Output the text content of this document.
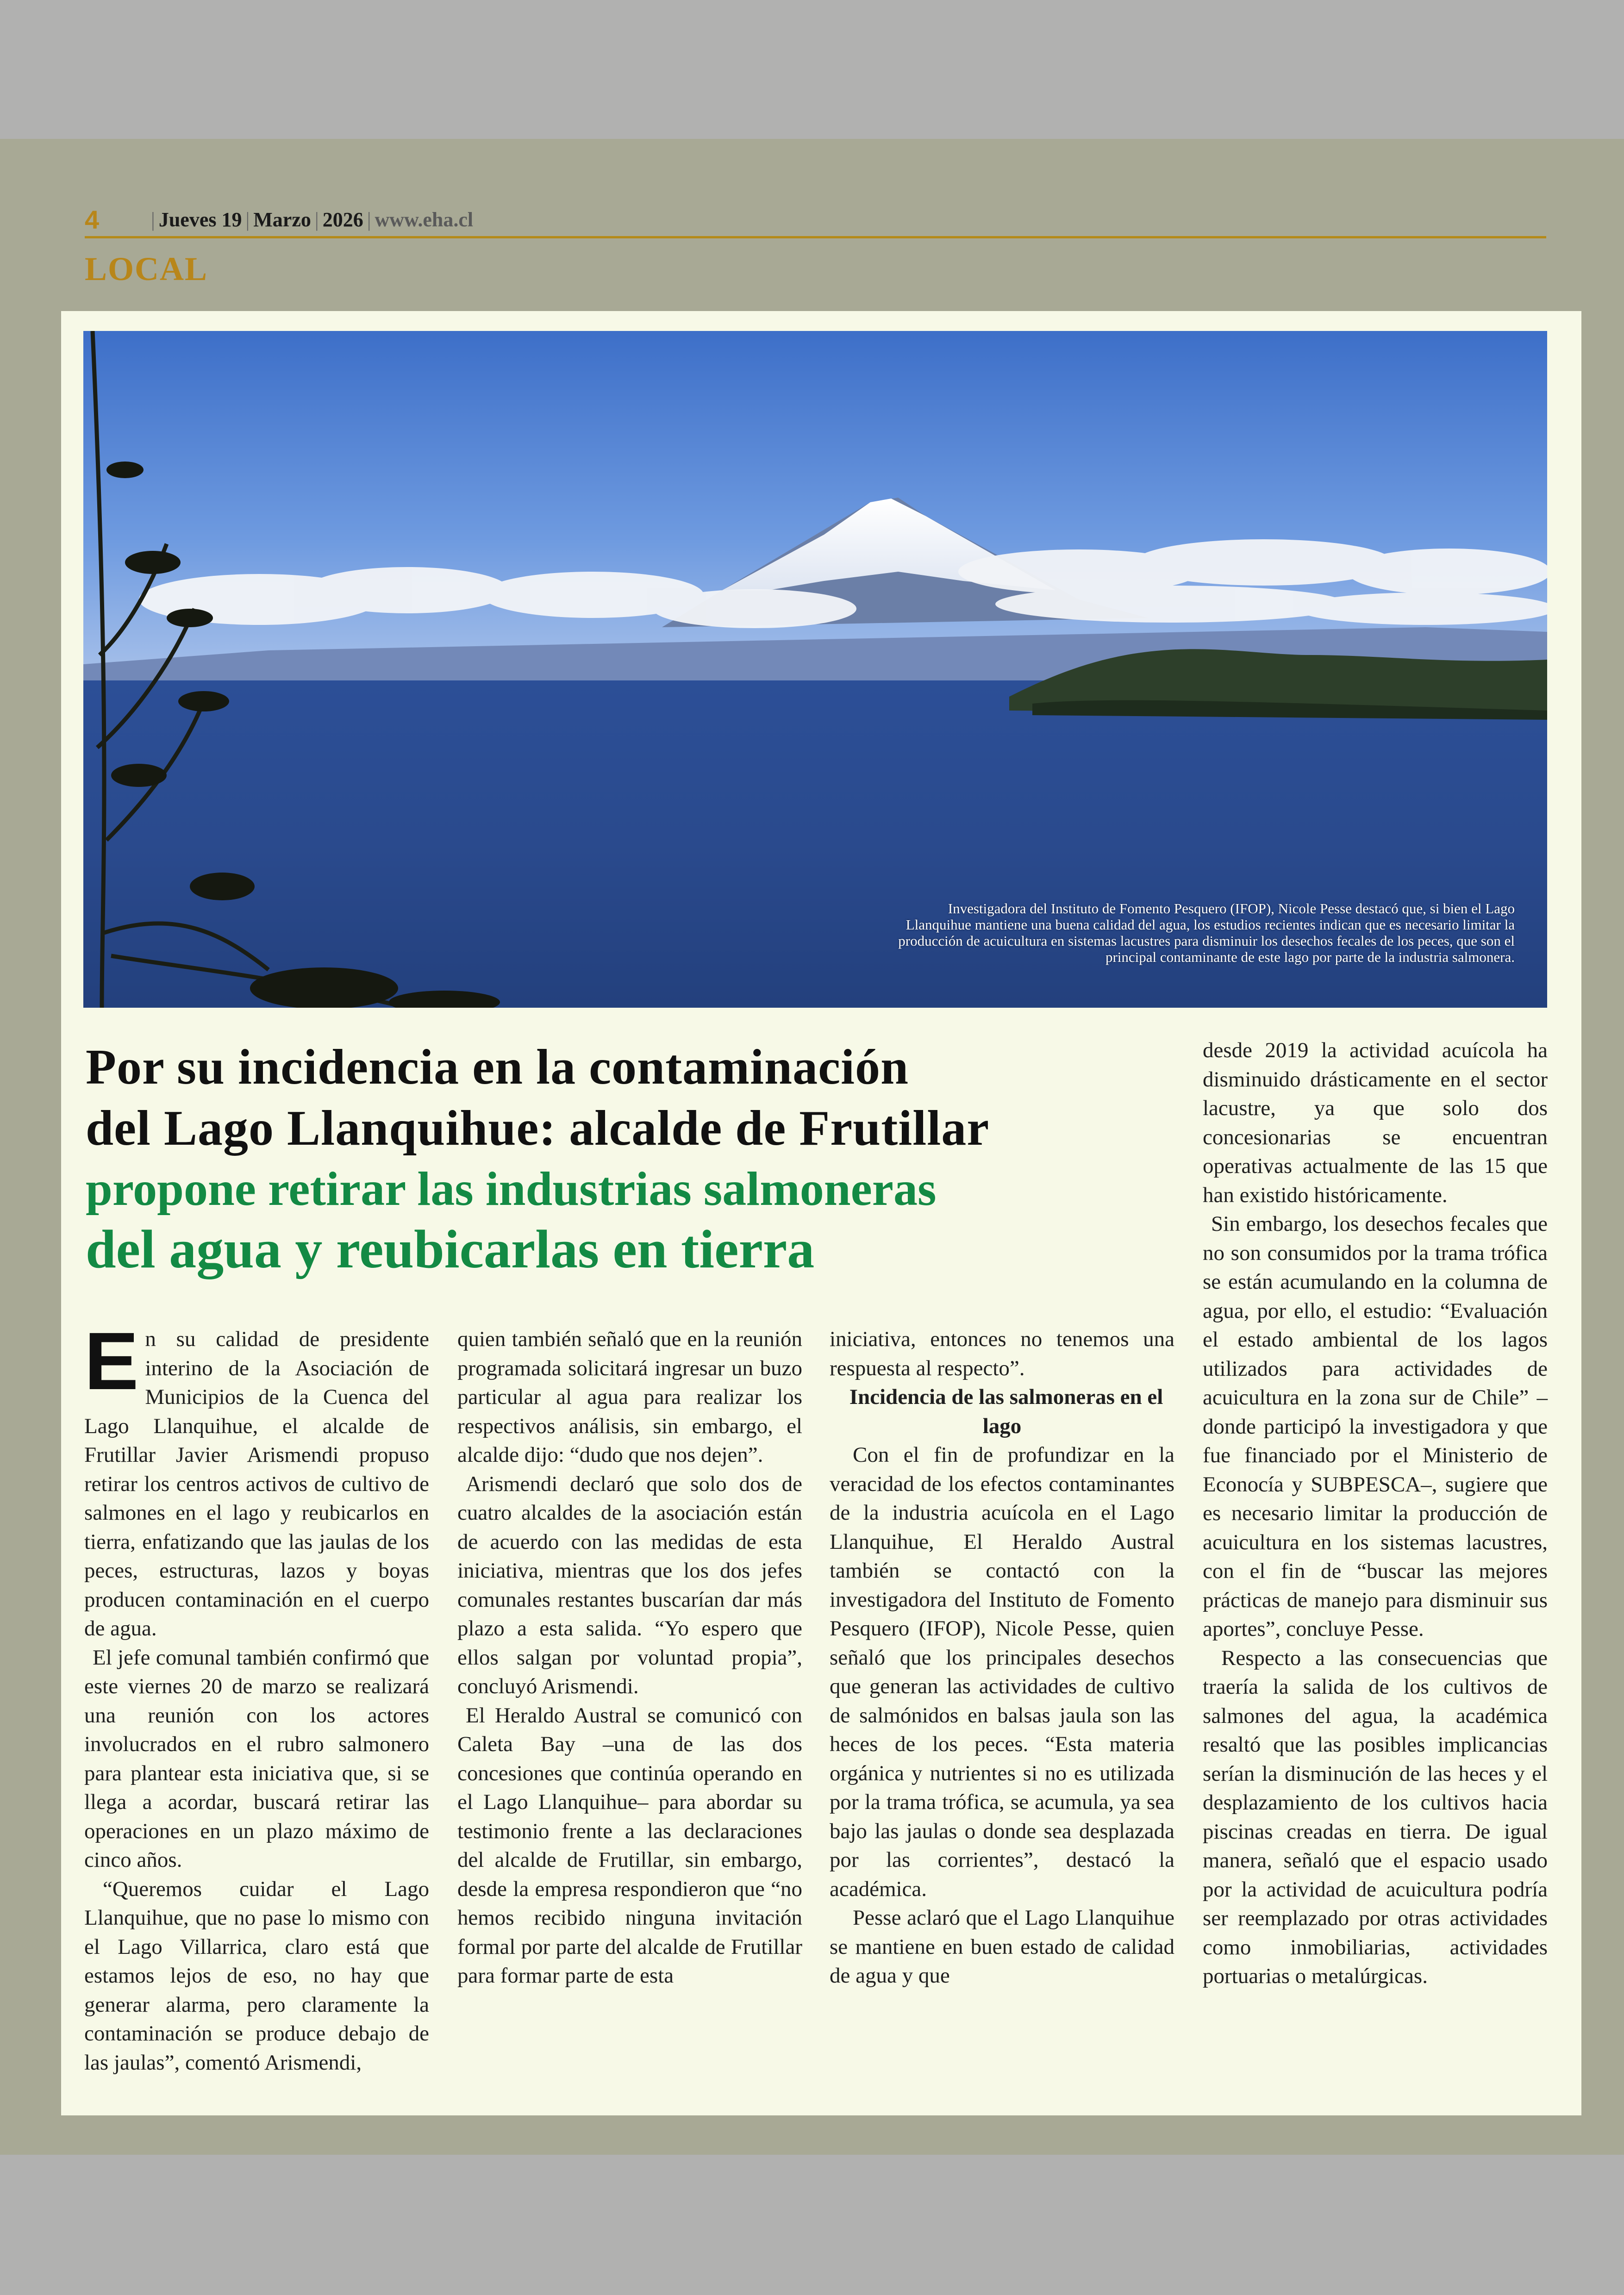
4	| Jueves 19 | Marzo | 2026 | www.eha.cl
LOCAL
Investigadora del Instituto de Fomento Pesquero (IFOP), Nicole Pesse destacó que, si bien el Lago Llanquihue mantiene una buena calidad del agua, los estudios recientes indican que es necesario limitar la producción de acuicultura en sistemas lacustres para disminuir los desechos fecales de los peces, que son el principal contaminante de este lago por parte de la industria salmonera.
Por su incidencia en la contaminación
del Lago Llanquihue: alcalde de Frutillar
propone retirar las industrias salmoneras
del agua y reubicarlas en tierra

En su calidad de presidente interino de la Asociación de Municipios de la Cuenca del Lago Llanquihue, el alcalde de Frutillar Javier Arismendi propuso retirar los centros activos de cultivo de salmones en el lago y reubicarlos en tierra, enfatizando que las jaulas de los peces, estructuras, lazos y boyas producen contaminación en el cuerpo de agua.

El jefe comunal también confirmó que este viernes 20 de marzo se realizará una reunión con los actores involucrados en el rubro salmonero para plantear esta iniciativa que, si se llega a acordar, buscará retirar las operaciones en un plazo máximo de cinco años.

“Queremos cuidar el Lago Llanquihue, que no pase lo mismo con el Lago Villarrica, claro está que estamos lejos de eso, no hay que generar alarma, pero claramente la contaminación se produce debajo de las jaulas”, comentó Arismendi,

quien también señaló que en la reunión programada solicitará ingresar un buzo particular al agua para realizar los respectivos análisis, sin embargo, el alcalde dijo: “dudo que nos dejen”.

Arismendi declaró que solo dos de cuatro alcaldes de la asociación están de acuerdo con las medidas de esta iniciativa, mientras que los dos jefes comunales restantes buscarían dar más plazo a esta salida. “Yo espero que ellos salgan por voluntad propia”, concluyó Arismendi.

El Heraldo Austral se comunicó con Caleta Bay –una de las dos concesiones que continúa operando en el Lago Llanquihue– para abordar su testimonio frente a las declaraciones del alcalde de Frutillar, sin embargo, desde la empresa respondieron que “no hemos recibido ninguna invitación formal por parte del alcalde de Frutillar para formar parte de esta

iniciativa, entonces no tenemos una respuesta al respecto”.

Incidencia de las salmoneras en el lago

Con el fin de profundizar en la veracidad de los efectos contaminantes de la industria acuícola en el Lago Llanquihue, El Heraldo Austral también se contactó con la investigadora del Instituto de Fomento Pesquero (IFOP), Nicole Pesse, quien señaló que los principales desechos que generan las actividades de cultivo de salmónidos en balsas jaula son las heces de los peces. “Esta materia orgánica y nutrientes si no es utilizada por la trama trófica, se acumula, ya sea bajo las jaulas o donde sea desplazada por las corrientes”, destacó la académica.

Pesse aclaró que el Lago Llanquihue se mantiene en buen estado de calidad de agua y que

desde 2019 la actividad acuícola ha disminuido drásticamente en el sector lacustre, ya que solo dos concesionarias se encuentran operativas actualmente de las 15 que han existido históricamente.

Sin embargo, los desechos fecales que no son consumidos por la trama trófica se están acumulando en la columna de agua, por ello, el estudio: “Evaluación el estado ambiental de los lagos utilizados para actividades de acuicultura en la zona sur de Chile” –donde participó la investigadora y que fue financiado por el Ministerio de Econocía y SUBPESCA–, sugiere que es necesario limitar la producción de acuicultura en los sistemas lacustres, con el fin de “buscar las mejores prácticas de manejo para disminuir sus aportes”, concluye Pesse.

Respecto a las consecuencias que traería la salida de los cultivos de salmones del agua, la académica resaltó que las posibles implicancias serían la disminución de las heces y el desplazamiento de los cultivos hacia piscinas creadas en tierra. De igual manera, señaló que el espacio usado por la actividad de acuicultura podría ser reemplazado por otras actividades como inmobiliarias, actividades portuarias o metalúrgicas.
